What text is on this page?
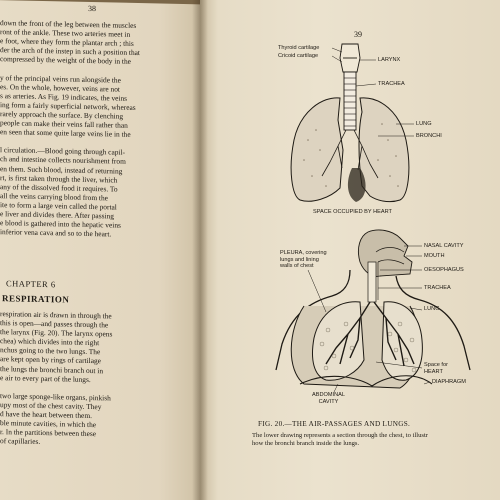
38
down the front of the leg between the muscles
ront of the ankle. These two arteries meet in
e foot, where they form the plantar arch ; this
der the arch of the instep in such a position that
compressed by the weight of the body in the

y of the principal veins run alongside the
es. On the whole, however, veins are not
s as arteries. As Fig. 19 indicates, the veins
ing form a fairly superficial network, whereas
rarely approach the surface. By clenching
people can make their veins fall rather than
en seen that some quite large veins lie in the

l circulation.—Blood going through capil-
ch and intestine collects nourishment from
en them. Such blood, instead of returning
rt, is first taken through the liver, which
any of the dissolved food it requires. To
all the veins carrying blood from the
ite to form a large vein called the portal
e liver and divides there. After passing
e blood is gathered into the hepatic veins
inferior vena cava and so to the heart.
CHAPTER 6
RESPIRATION
respiration air is drawn in through the
this is open—and passes through the
the larynx (Fig. 20). The larynx opens
chea) which divides into the right
nchus going to the two lungs. The
are kept open by rings of cartilage
the lungs the bronchi branch out in
e air to every part of the lungs.

two large sponge-like organs, pinkish
upy most of the chest cavity. They
d have the heart between them.
ble minute cavities, in which the
r. In the partitions between these
of capillaries.
39
Thyroid cartilage
Cricoid cartilage
LARYNX
TRACHEA
LUNG
BRONCHI
SPACE OCCUPIED BY HEART
PLEURA, covering
lungs and lining
walls of chest
NASAL CAVITY
MOUTH
OESOPHAGUS
TRACHEA
LUNG
Space for
HEART
ABDOMINAL
CAVITY
DIAPHRAGM
FIG. 20.—THE AIR-PASSAGES AND LUNGS.
The lower drawing represents a section through the chest, to illustr
how the bronchi branch inside the lungs.
